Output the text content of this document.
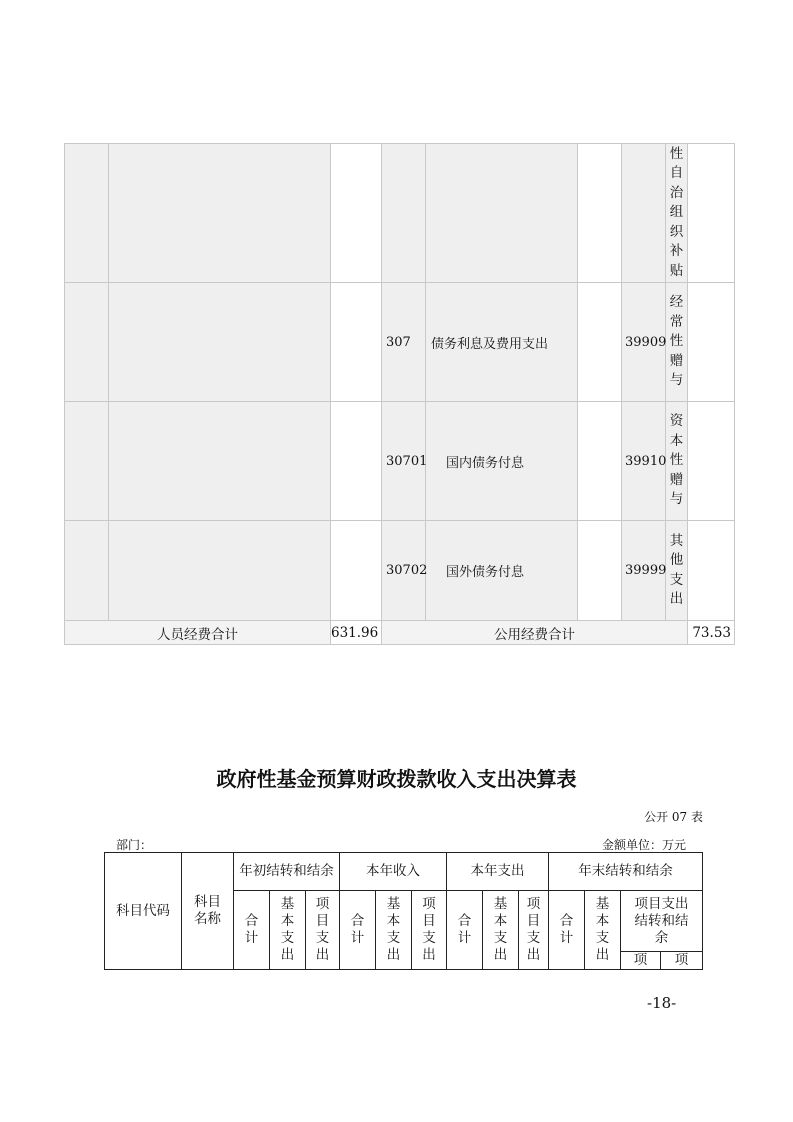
							性自治组织补贴	
			307	债务利息及费用支出		39909	经常性赠与	
			30701	国内债务付息		39910	资本性赠与	
			30702	国外债务付息		39999	其他支出	
人员经费合计		631.96	公用经费合计					73.53
政府性基金预算财政拨款收入支出决算表
公开 07 表
部门：	金额单位：万元
科目代码	科目名称	年初结转和结余			本年收入			本年支出			年末结转和结余			
		合计	基本支出	项目支出	合计	基本支出	项目支出	合计	基本支出	项目支出	合计	基本支出	项目支出结转和结余	
													项	项
-18-
